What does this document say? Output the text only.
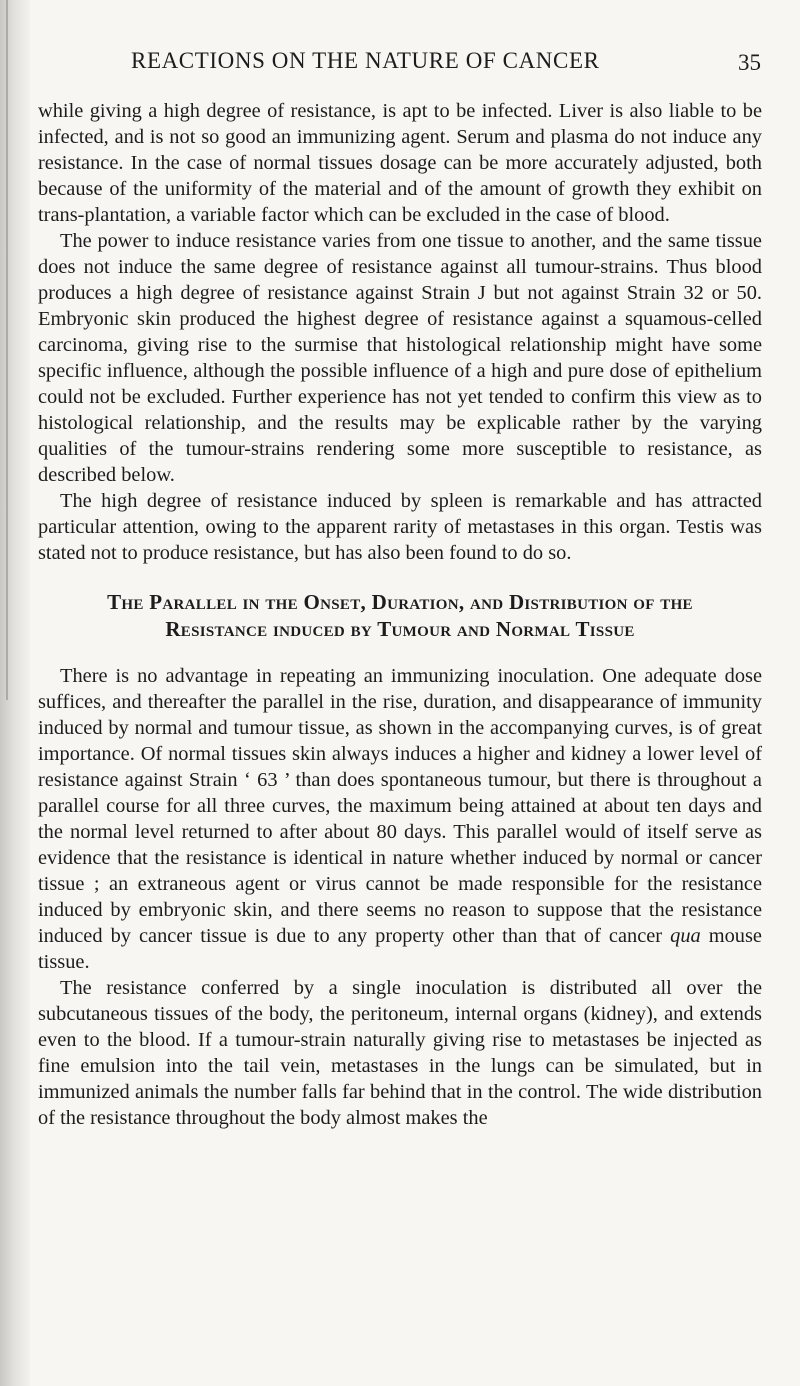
REACTIONS ON THE NATURE OF CANCER	35

while giving a high degree of resistance, is apt to be infected. Liver is also liable to be infected, and is not so good an immunizing agent. Serum and plasma do not induce any resistance. In the case of normal tissues dosage can be more accurately adjusted, both because of the uniformity of the material and of the amount of growth they exhibit on trans-plantation, a variable factor which can be excluded in the case of blood.

The power to induce resistance varies from one tissue to another, and the same tissue does not induce the same degree of resistance against all tumour-strains. Thus blood produces a high degree of resistance against Strain J but not against Strain 32 or 50. Embryonic skin produced the highest degree of resistance against a squamous-celled carcinoma, giving rise to the surmise that histological relationship might have some specific influence, although the possible influence of a high and pure dose of epithelium could not be excluded. Further experience has not yet tended to confirm this view as to histological relationship, and the results may be explicable rather by the varying qualities of the tumour-strains rendering some more susceptible to resistance, as described below.

The high degree of resistance induced by spleen is remarkable and has attracted particular attention, owing to the apparent rarity of metastases in this organ. Testis was stated not to produce resistance, but has also been found to do so.

The Parallel in the Onset, Duration, and Distribution of the
Resistance induced by Tumour and Normal Tissue

There is no advantage in repeating an immunizing inoculation. One adequate dose suffices, and thereafter the parallel in the rise, duration, and disappearance of immunity induced by normal and tumour tissue, as shown in the accompanying curves, is of great importance. Of normal tissues skin always induces a higher and kidney a lower level of resistance against Strain ‘ 63 ’ than does spontaneous tumour, but there is throughout a parallel course for all three curves, the maximum being attained at about ten days and the normal level returned to after about 80 days. This parallel would of itself serve as evidence that the resistance is identical in nature whether induced by normal or cancer tissue ; an extraneous agent or virus cannot be made responsible for the resistance induced by embryonic skin, and there seems no reason to suppose that the resistance induced by cancer tissue is due to any property other than that of cancer qua mouse tissue.

The resistance conferred by a single inoculation is distributed all over the subcutaneous tissues of the body, the peritoneum, internal organs (kidney), and extends even to the blood. If a tumour-strain naturally giving rise to metastases be injected as fine emulsion into the tail vein, metastases in the lungs can be simulated, but in immunized animals the number falls far behind that in the control. The wide distribution of the resistance throughout the body almost makes the
